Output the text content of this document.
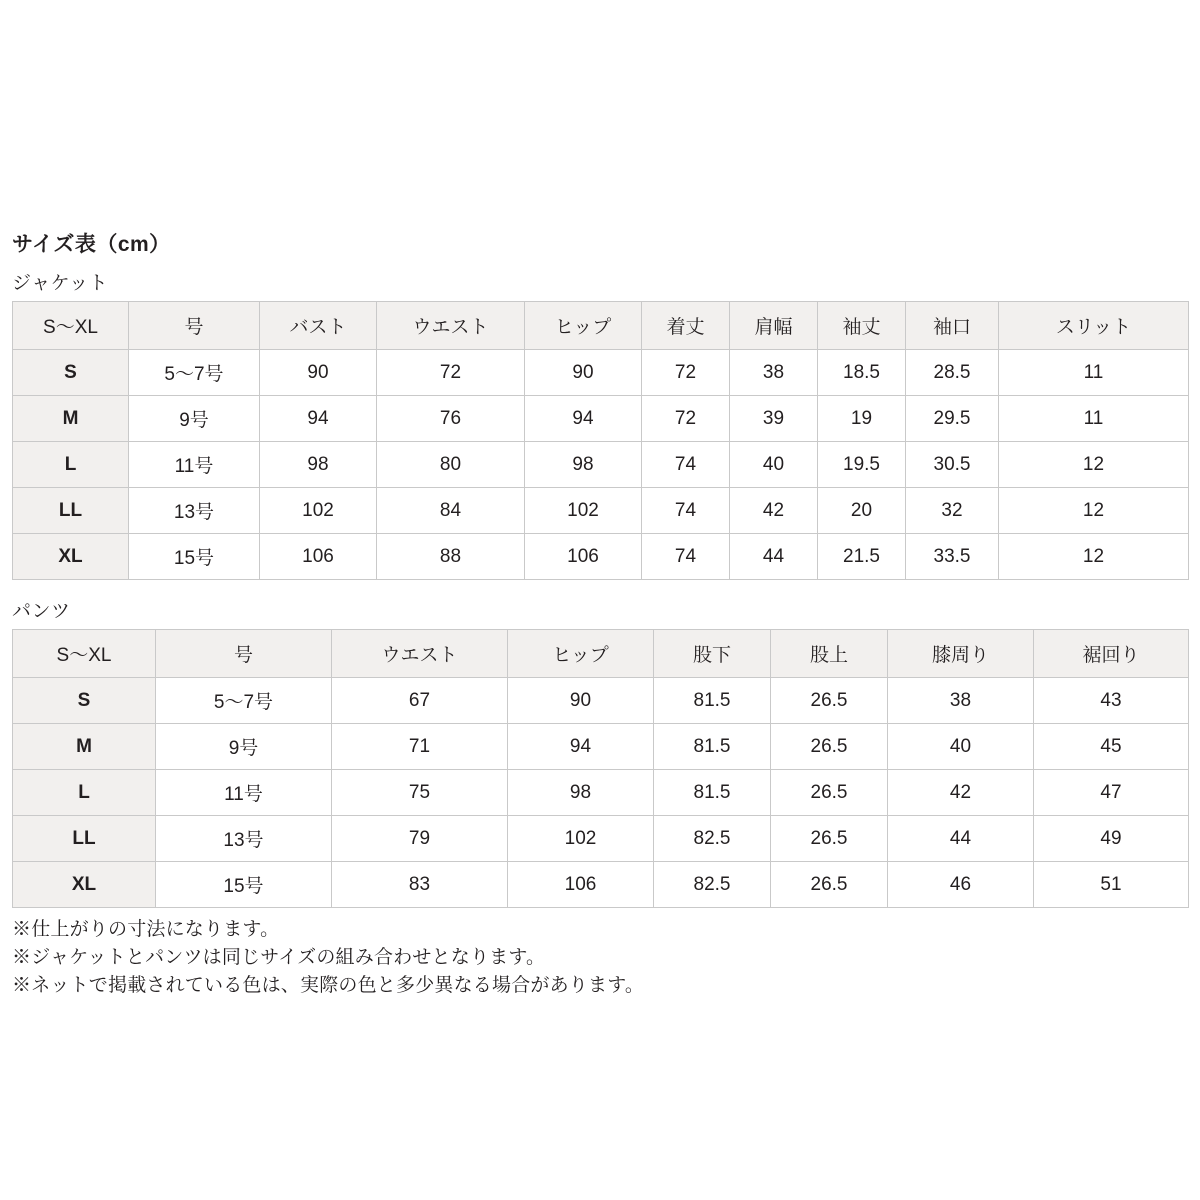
サイズ表（cm）
ジャケット
S〜XL	号	バスト	ウエスト	ヒップ	着丈	肩幅	袖丈	袖口	スリット
S	5〜7号	90	72	90	72	38	18.5	28.5	11
M	9号	94	76	94	72	39	19	29.5	11
L	11号	98	80	98	74	40	19.5	30.5	12
LL	13号	102	84	102	74	42	20	32	12
XL	15号	106	88	106	74	44	21.5	33.5	12
パンツ
S〜XL	号	ウエスト	ヒップ	股下	股上	膝周り	裾回り
S	5〜7号	67	90	81.5	26.5	38	43
M	9号	71	94	81.5	26.5	40	45
L	11号	75	98	81.5	26.5	42	47
LL	13号	79	102	82.5	26.5	44	49
XL	15号	83	106	82.5	26.5	46	51
※仕上がりの寸法になります。
※ジャケットとパンツは同じサイズの組み合わせとなります。
※ネットで掲載されている色は、実際の色と多少異なる場合があります。
